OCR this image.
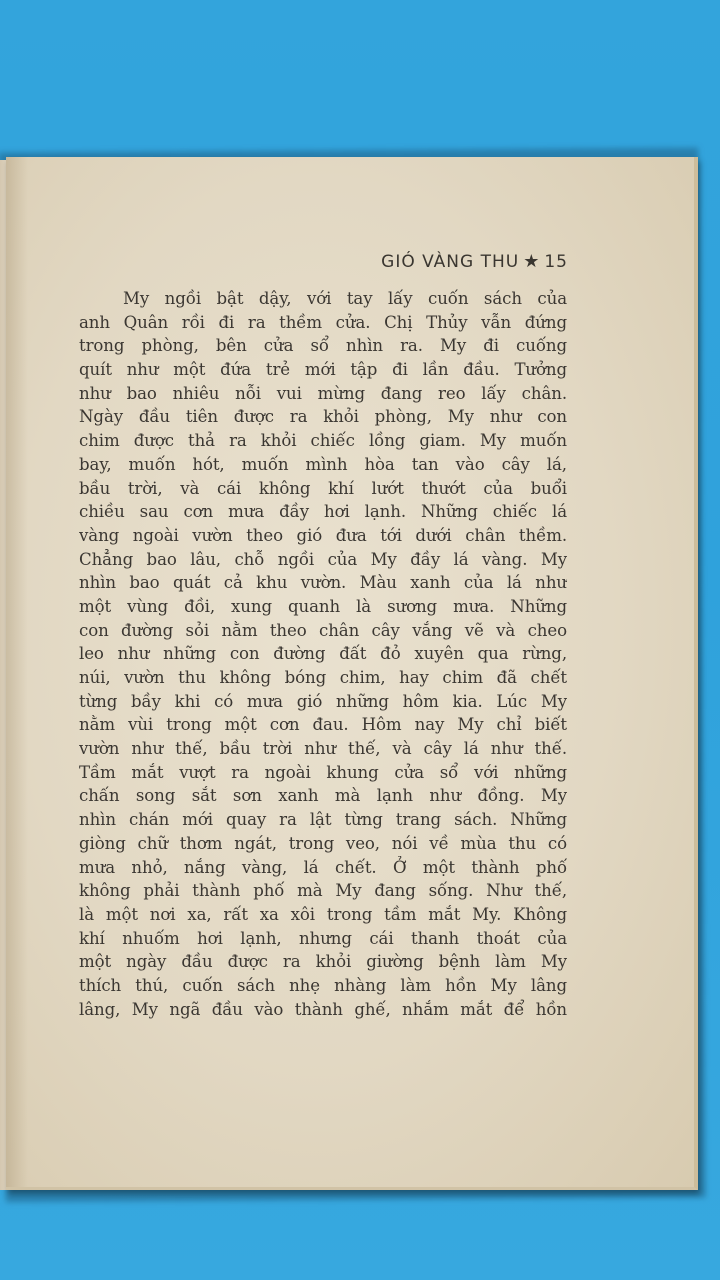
GIÓ VÀNG THU ★ 15
My ngồi bật dậy, với tay lấy cuốn sách của
anh Quân rồi đi ra thềm cửa. Chị Thủy vẫn đứng
trong phòng, bên cửa sổ nhìn ra. My đi cuống
quít như một đứa trẻ mới tập đi lần đầu. Tưởng
như bao nhiêu nỗi vui mừng đang reo lấy chân.
Ngày đầu tiên được ra khỏi phòng, My như con
chim được thả ra khỏi chiếc lồng giam. My muốn
bay, muốn hót, muốn mình hòa tan vào cây lá,
bầu trời, và cái không khí lướt thướt của buổi
chiều sau cơn mưa đầy hơi lạnh. Những chiếc lá
vàng ngoài vườn theo gió đưa tới dưới chân thềm.
Chẳng bao lâu, chỗ ngồi của My đầy lá vàng. My
nhìn bao quát cả khu vườn. Màu xanh của lá như
một vùng đồi, xung quanh là sương mưa. Những
con đường sỏi nằm theo chân cây vắng vẽ và cheo
leo như những con đường đất đỏ xuyên qua rừng,
núi, vườn thu không bóng chim, hay chim đã chết
từng bầy khi có mưa gió những hôm kia. Lúc My
nằm vùi trong một cơn đau. Hôm nay My chỉ biết
vườn như thế, bầu trời như thế, và cây lá như thế.
Tầm mắt vượt ra ngoài khung cửa sổ với những
chấn song sắt sơn xanh mà lạnh như đồng. My
nhìn chán mới quay ra lật từng trang sách. Những
giòng chữ thơm ngát, trong veo, nói về mùa thu có
mưa nhỏ, nắng vàng, lá chết. Ở một thành phố
không phải thành phố mà My đang sống. Như thế,
là một nơi xa, rất xa xôi trong tầm mắt My. Không
khí nhuốm hơi lạnh, nhưng cái thanh thoát của
một ngày đầu được ra khỏi giường bệnh làm My
thích thú, cuốn sách nhẹ nhàng làm hồn My lâng
lâng, My ngã đầu vào thành ghế, nhắm mắt để hồn
